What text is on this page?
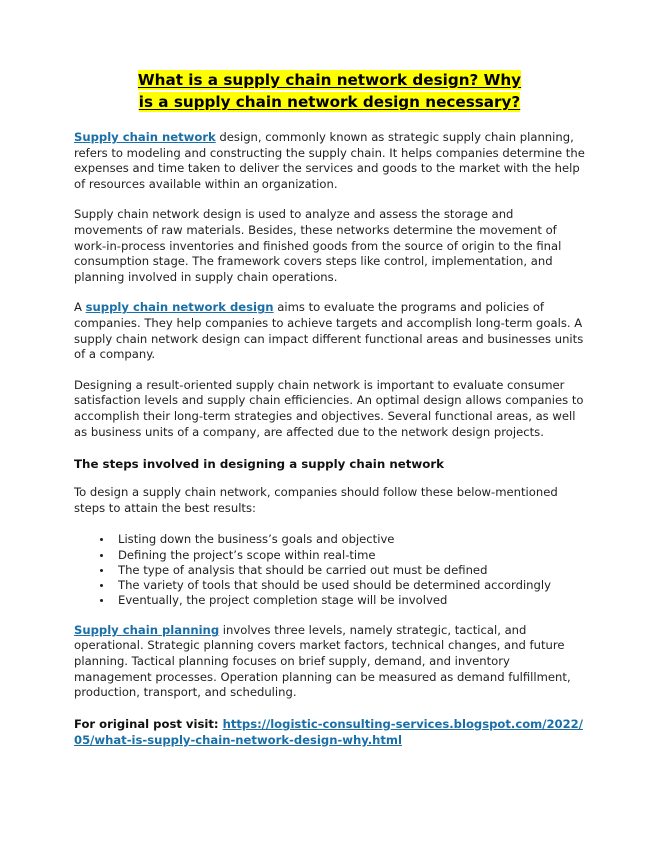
What is a supply chain network design? Why
is a supply chain network design necessary?

Supply chain network design, commonly known as strategic supply chain planning, refers to modeling and constructing the supply chain. It helps companies determine the expenses and time taken to deliver the services and goods to the market with the help of resources available within an organization.

Supply chain network design is used to analyze and assess the storage and movements of raw materials. Besides, these networks determine the movement of work-in-process inventories and finished goods from the source of origin to the final consumption stage. The framework covers steps like control, implementation, and planning involved in supply chain operations.

A supply chain network design aims to evaluate the programs and policies of companies. They help companies to achieve targets and accomplish long-term goals. A supply chain network design can impact different functional areas and businesses units of a company.

Designing a result-oriented supply chain network is important to evaluate consumer satisfaction levels and supply chain efficiencies. An optimal design allows companies to accomplish their long-term strategies and objectives. Several functional areas, as well as business units of a company, are affected due to the network design projects.

The steps involved in designing a supply chain network

To design a supply chain network, companies should follow these below-mentioned steps to attain the best results:

Listing down the business’s goals and objective
Defining the project’s scope within real-time
The type of analysis that should be carried out must be defined
The variety of tools that should be used should be determined accordingly
Eventually, the project completion stage will be involved

Supply chain planning involves three levels, namely strategic, tactical, and operational. Strategic planning covers market factors, technical changes, and future planning. Tactical planning focuses on brief supply, demand, and inventory management processes. Operation planning can be measured as demand fulfillment, production, transport, and scheduling.

For original post visit: https://logistic-consulting-services.blogspot.com/2022/05/what-is-supply-chain-network-design-why.html
